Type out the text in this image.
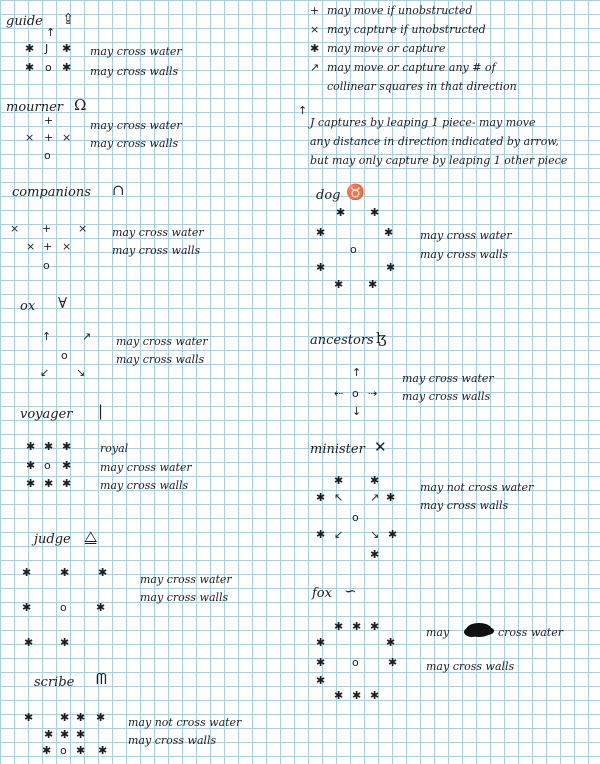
+ may move if unobstructed
× may capture if unobstructed
✱ may move or capture
↗ may move or capture any # of
collinear squares in that direction
↑
J captures by leaping 1 piece- may move
any distance in direction indicated by arrow,
but may only capture by leaping 1 other piece
guide ⇪
↑
✱ J ✱
✱ o ✱
may cross water
may cross walls
mourner Ω
+
× + ×
o
may cross water
may cross walls
companions ∩
× + ×
× + ×
o
may cross water
may cross walls
ox ∀
↑	↗
o
↙ ↘
may cross water
may cross walls
voyager |
✱ ✱ ✱
✱ o ✱
✱ ✱ ✱
royal
may cross water
may cross walls
judge ⧋
✱	✱	✱
✱	o	✱
✱ ✱
may cross water
may cross walls
scribe ᗰ
✱ ✱ ✱ ✱
✱ ✱ ✱
✱ o ✱ ✱
may not cross water
may cross walls
dog ♉
✱ ✱
✱	✱
o
✱	✱
✱ ✱
may cross water
may cross walls
ancestors ɮ
↑
⇠ o ⇢
↓
may cross water
may cross walls
minister ✕
✱ ✱
✱ ↖ ↗ ✱
o
✱ ↙ ↘ ✱
✱
may not cross water
may cross walls
fox ∽
✱ ✱ ✱
✱	✱
✱ o	✱
✱
✱ ✱ ✱
may	cross water
may cross walls
